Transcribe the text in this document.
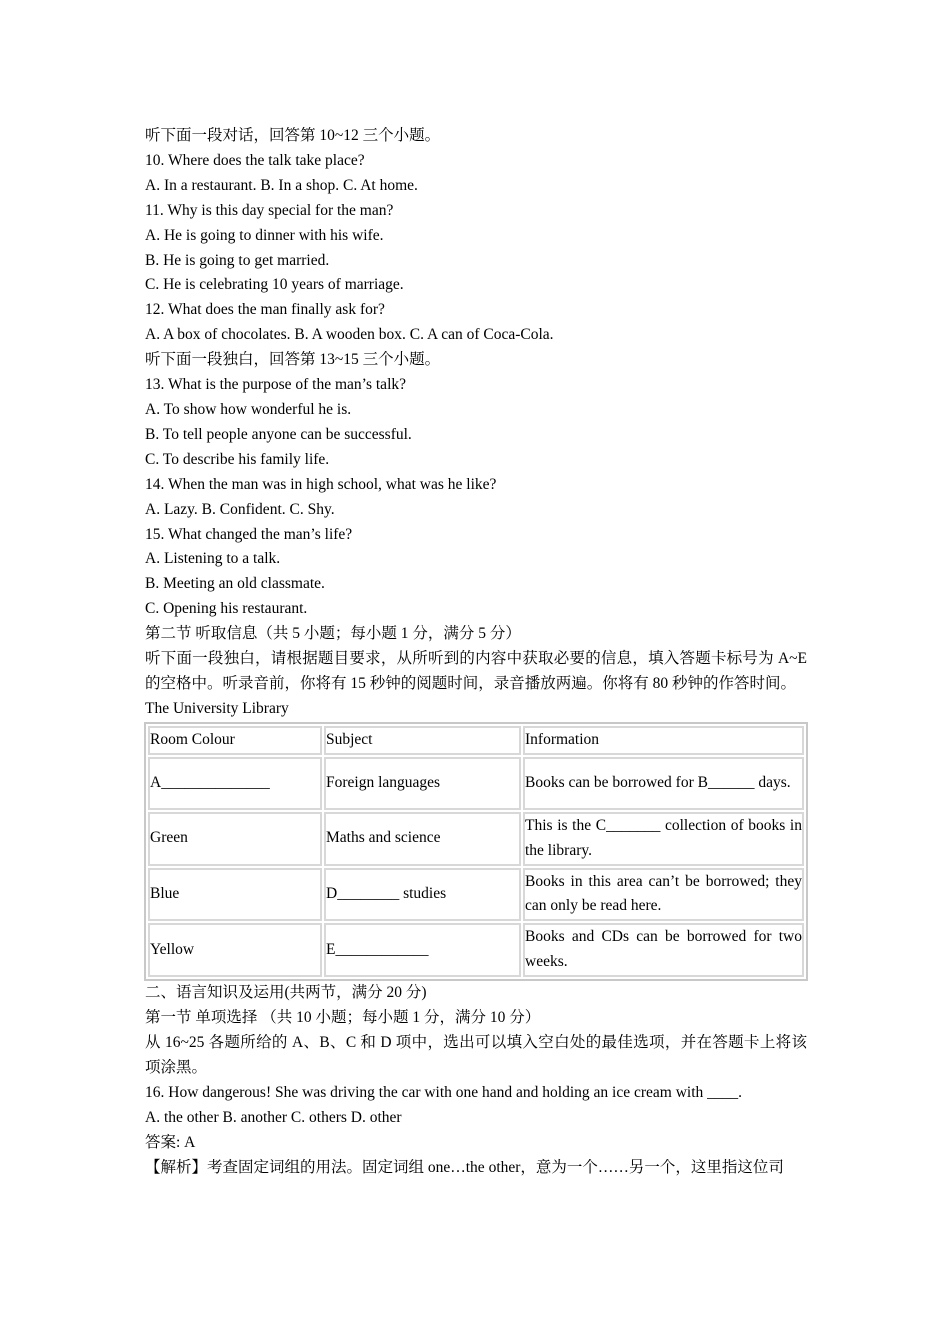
听下面一段对话，回答第 10~12 三个小题。
10. Where does the talk take place?
A. In a restaurant. B. In a shop. C. At home.
11. Why is this day special for the man?
A. He is going to dinner with his wife.
B. He is going to get married.
C. He is celebrating 10 years of marriage.
12. What does the man finally ask for?
A. A box of chocolates. B. A wooden box. C. A can of Coca-Cola.
听下面一段独白，回答第 13~15 三个小题。
13. What is the purpose of the man’s talk?
A. To show how wonderful he is.
B. To tell people anyone can be successful.
C. To describe his family life.
14. When the man was in high school, what was he like?
A. Lazy. B. Confident. C. Shy.
15. What changed the man’s life?
A. Listening to a talk.
B. Meeting an old classmate.
C. Opening his restaurant.
第二节 听取信息（共 5 小题；每小题 1 分，满分 5 分）
听下面一段独白，请根据题目要求，从所听到的内容中获取必要的信息，填入答题卡标号为 A~E 的空格中。听录音前，你将有 15 秒钟的阅题时间，录音播放两遍。你将有 80 秒钟的作答时间。
The University Library
Room Colour	Subject	Information
A______________	Foreign languages	Books can be borrowed for B______ days.
Green	Maths and science	This is the C_______ collection of books in the library.
Blue	D________ studies	Books in this area can’t be borrowed; they can only be read here.
Yellow	E____________	Books and CDs can be borrowed for two weeks.
二、语言知识及运用(共两节，满分 20 分)
第一节 单项选择 （共 10 小题；每小题 1 分，满分 10 分）
从 16~25 各题所给的 A、B、C 和 D 项中，选出可以填入空白处的最佳选项，并在答题卡上将该项涂黑。
16. How dangerous! She was driving the car with one hand and holding an ice cream with ____.
A. the other B. another C. others D. other
答案: A
【解析】考查固定词组的用法。固定词组 one…the other，意为一个……另一个，这里指这位司
